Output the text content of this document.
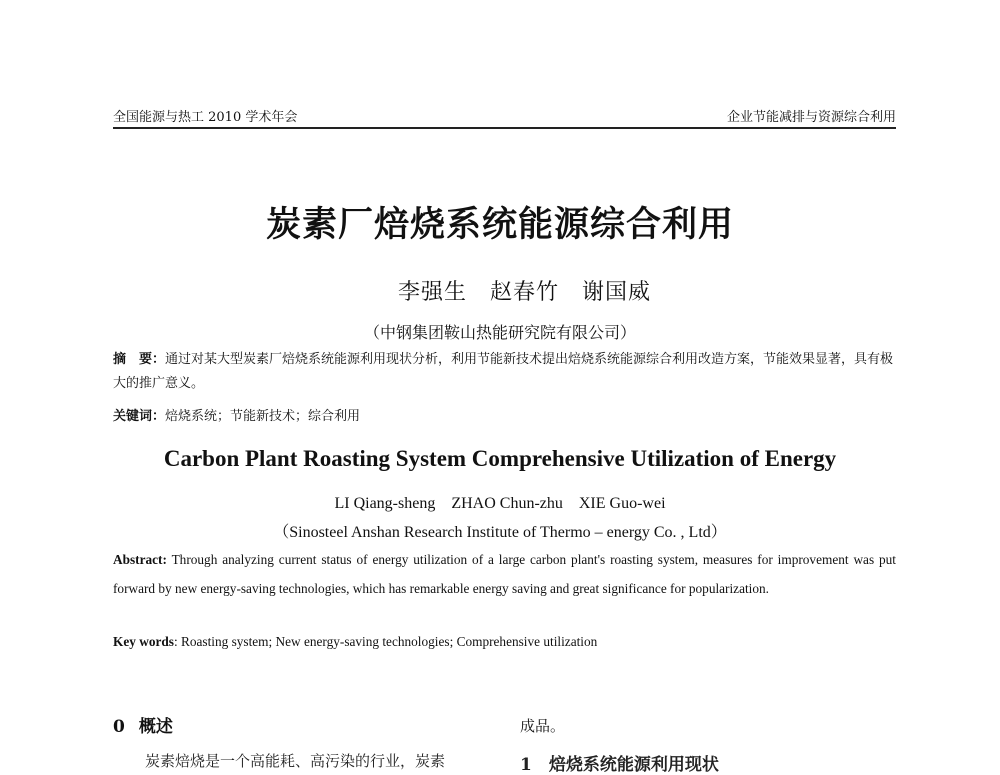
全国能源与热工 2010 学术年会	企业节能减排与资源综合利用
炭素厂焙烧系统能源综合利用
李强生　赵春竹　谢国威
（中钢集团鞍山热能研究院有限公司）
摘　要：通过对某大型炭素厂焙烧系统能源利用现状分析，利用节能新技术提出焙烧系统能源综合利用改造方案，节能效果显著，具有极大的推广意义。
关键词：焙烧系统；节能新技术；综合利用
Carbon Plant Roasting System Comprehensive Utilization of Energy
LI Qiang-sheng　ZHAO Chun-zhu　XIE Guo-wei
（Sinosteel Anshan Research Institute of Thermo – energy Co. , Ltd）
Abstract: Through analyzing current status of energy utilization of a large carbon plant's roasting system, measures for improvement was put forward by new energy-saving technologies, which has remarkable energy saving and great significance for popularization.
Key words: Roasting system; New energy-saving technologies; Comprehensive utilization
0 概述	成品。
炭素焙烧是一个高能耗、高污染的行业，炭素	1　焙烧系统能源利用现状
